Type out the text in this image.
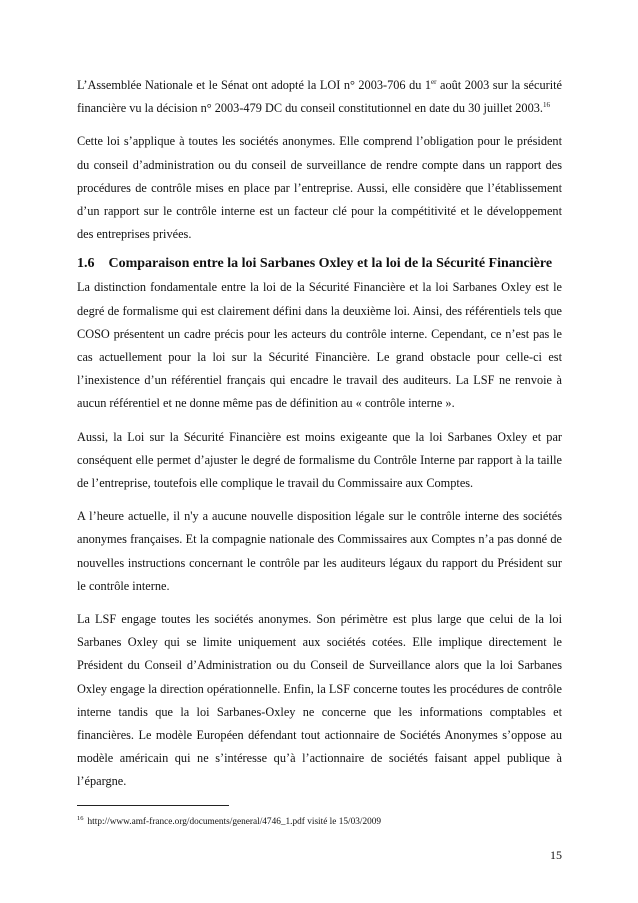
L’Assemblée Nationale et le Sénat ont adopté la LOI n° 2003-706 du 1er août 2003 sur la sécurité financière vu la décision n° 2003-479 DC du conseil constitutionnel en date du 30 juillet 2003.16

Cette loi s’applique à toutes les sociétés anonymes. Elle comprend l’obligation pour le président du conseil d’administration ou du conseil de surveillance de rendre compte dans un rapport des procédures de contrôle mises en place par l’entreprise. Aussi, elle considère que l’établissement d’un rapport sur le contrôle interne est un facteur clé pour la compétitivité et le développement des entreprises privées.

1.6 Comparaison entre la loi Sarbanes Oxley et la loi de la Sécurité Financière

La distinction fondamentale entre la loi de la Sécurité Financière et la loi Sarbanes Oxley est le degré de formalisme qui est clairement défini dans la deuxième loi. Ainsi, des référentiels tels que COSO présentent un cadre précis pour les acteurs du contrôle interne. Cependant, ce n’est pas le cas actuellement pour la loi sur la Sécurité Financière. Le grand obstacle pour celle-ci est l’inexistence d’un référentiel français qui encadre le travail des auditeurs. La LSF ne renvoie à aucun référentiel et ne donne même pas de définition au « contrôle interne ».

Aussi, la Loi sur la Sécurité Financière est moins exigeante que la loi Sarbanes Oxley et par conséquent elle permet d’ajuster le degré de formalisme du Contrôle Interne par rapport à la taille de l’entreprise, toutefois elle complique le travail du Commissaire aux Comptes.

A l’heure actuelle, il n'y a aucune nouvelle disposition légale sur le contrôle interne des sociétés anonymes françaises. Et la compagnie nationale des Commissaires aux Comptes n’a pas donné de nouvelles instructions concernant le contrôle par les auditeurs légaux du rapport du Président sur le contrôle interne.

La LSF engage toutes les sociétés anonymes. Son périmètre est plus large que celui de la loi Sarbanes Oxley qui se limite uniquement aux sociétés cotées. Elle implique directement le Président du Conseil d’Administration ou du Conseil de Surveillance alors que la loi Sarbanes Oxley engage la direction opérationnelle. Enfin, la LSF concerne toutes les procédures de contrôle interne tandis que la loi Sarbanes-Oxley ne concerne que les informations comptables et financières. Le modèle Européen défendant tout actionnaire de Sociétés Anonymes s’oppose au modèle américain qui ne s’intéresse qu’à l’actionnaire de sociétés faisant appel publique à l’épargne.

$^{16}$ http://www.amf-france.org/documents/general/4746_1.pdf visité le 15/03/2009
15
